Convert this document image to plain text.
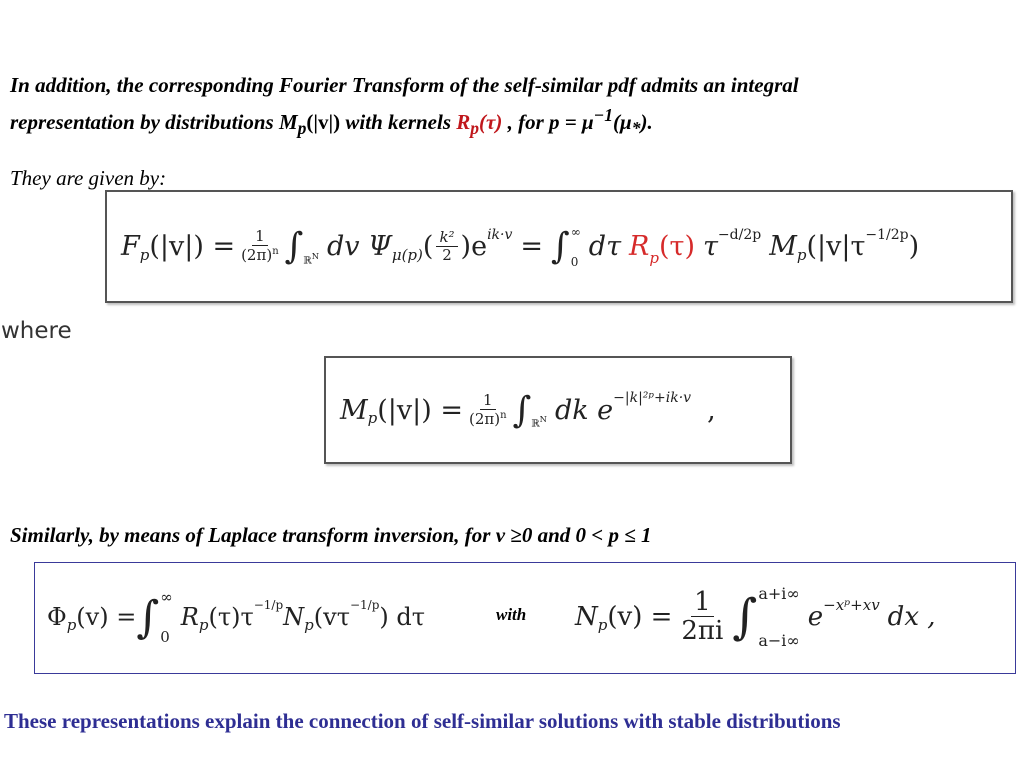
In addition, the corresponding Fourier Transform of the self-similar pdf admits an integral
representation by distributions $M_p(|v|)$ with kernels $R_p(\tau)$ , for $p = \mu^{-1}(\mu_*)$.
They are given by:
F p $(|v|) = \frac{1}{(2\pi)^n}$ ∫ ℝ$^N$ dv Ψ μ(p) ( $\frac{\text{k²}}{2} )e$ ik·v = ∫ ∞
0 dτ $R_p(\tau)$ τ −d/2p M p (|v|τ −1/2p )
where
M p $(|v|) = \frac{1}{(2\pi)^n}$ ∫ ℝ$^N$ dk e −|k|²ᵖ+ik·v ,
Similarly, by means of Laplace transform inversion, for v ≥0 and 0 < p ≤ 1
Φ p (v) = ∫ ∞
0
R p (τ)τ −1/p N p (vτ −1/p ) dτ	N p $(v) = \frac{1}{2\pi i}$ ∫ a+i∞
a−i∞
e −xᵖ+xv dx ,
with
These representations explain the connection of self-similar solutions with stable distributions
